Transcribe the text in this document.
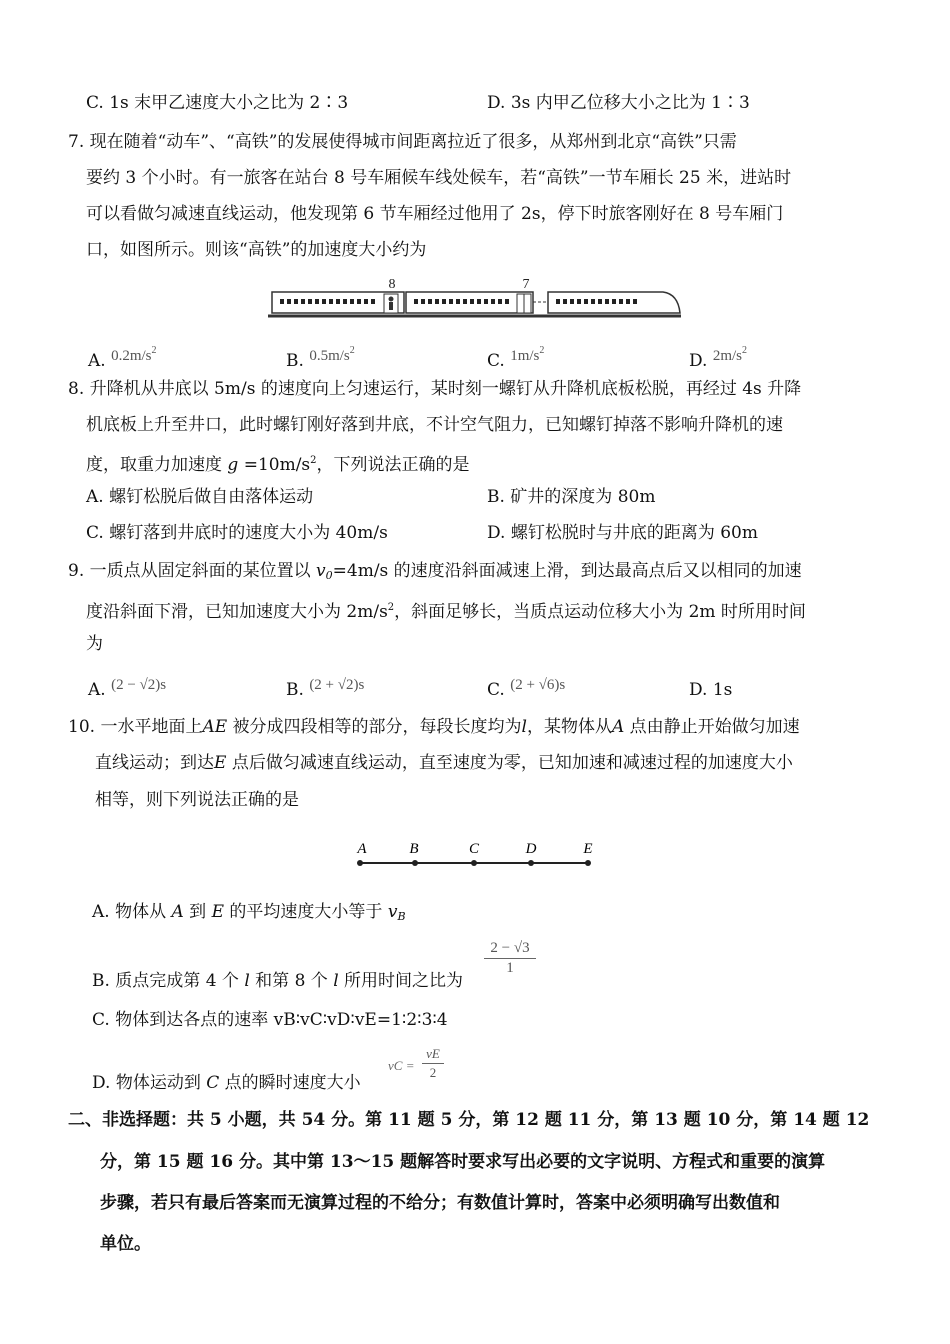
C. 1s 末甲乙速度大小之比为 2∶3	D. 3s 内甲乙位移大小之比为 1∶3
7. 现在随着“动车”、“高铁”的发展使得城市间距离拉近了很多，从郑州到北京“高铁”只需
要约 3 个小时。有一旅客在站台 8 号车厢候车线处候车，若“高铁”一节车厢长 25 米，进站时
可以看做匀减速直线运动，他发现第 6 节车厢经过他用了 2s，停下时旅客刚好在 8 号车厢门
口，如图所示。则该“高铁”的加速度大小约为
8	7
A. $0.2m/s^2$
B. $0.5m/s^2$
C. $1m/s^2$
D. $2m/s^2$
8. 升降机从井底以 5m/s 的速度向上匀速运行，某时刻一螺钉从升降机底板松脱，再经过 4s 升降
机底板上升至井口，此时螺钉刚好落到井底，不计空气阻力，已知螺钉掉落不影响升降机的速
度，取重力加速度 $g =10m/s^2$，下列说法正确的是
A. 螺钉松脱后做自由落体运动	B. 矿井的深度为 80m
C. 螺钉落到井底时的速度大小为 40m/s	D. 螺钉松脱时与井底的距离为 60m
9. 一质点从固定斜面的某位置以 $v_0=4m/s$ 的速度沿斜面减速上滑，到达最高点后又以相同的加速
度沿斜面下滑，已知加速度大小为 $2m/s^2$，斜面足够长，当质点运动位移大小为 2m 时所用时间
为
A. (2 − √2)s	B. (2 + √2)s	C. (2 + √6)s	D. 1s
10. 一水平地面上AE 被分成四段相等的部分，每段长度均为l，某物体从A 点由静止开始做匀加速
直线运动；到达E 点后做匀减速直线运动，直至速度为零，已知加速和减速过程的加速度大小
相等，则下列说法正确的是
A	B	C	D	E
A. 物体从 A 到 E 的平均速度大小等于 $v_B$
B. 质点完成第 4 个 l 和第 8 个 l 所用时间之比为
2 − √3
1
C. 物体到达各点的速率 vB∶vC∶vD∶vE=1∶2∶3∶4
D. 物体运动到 C 点的瞬时速度大小
vC =
vE
2
二、非选择题：共 5 小题，共 54 分。第 11 题 5 分，第 12 题 11 分，第 13 题 10 分，第 14 题 12
分，第 15 题 16 分。其中第 13～15 题解答时要求写出必要的文字说明、方程式和重要的演算
步骤，若只有最后答案而无演算过程的不给分；有数值计算时，答案中必须明确写出数值和
单位。
